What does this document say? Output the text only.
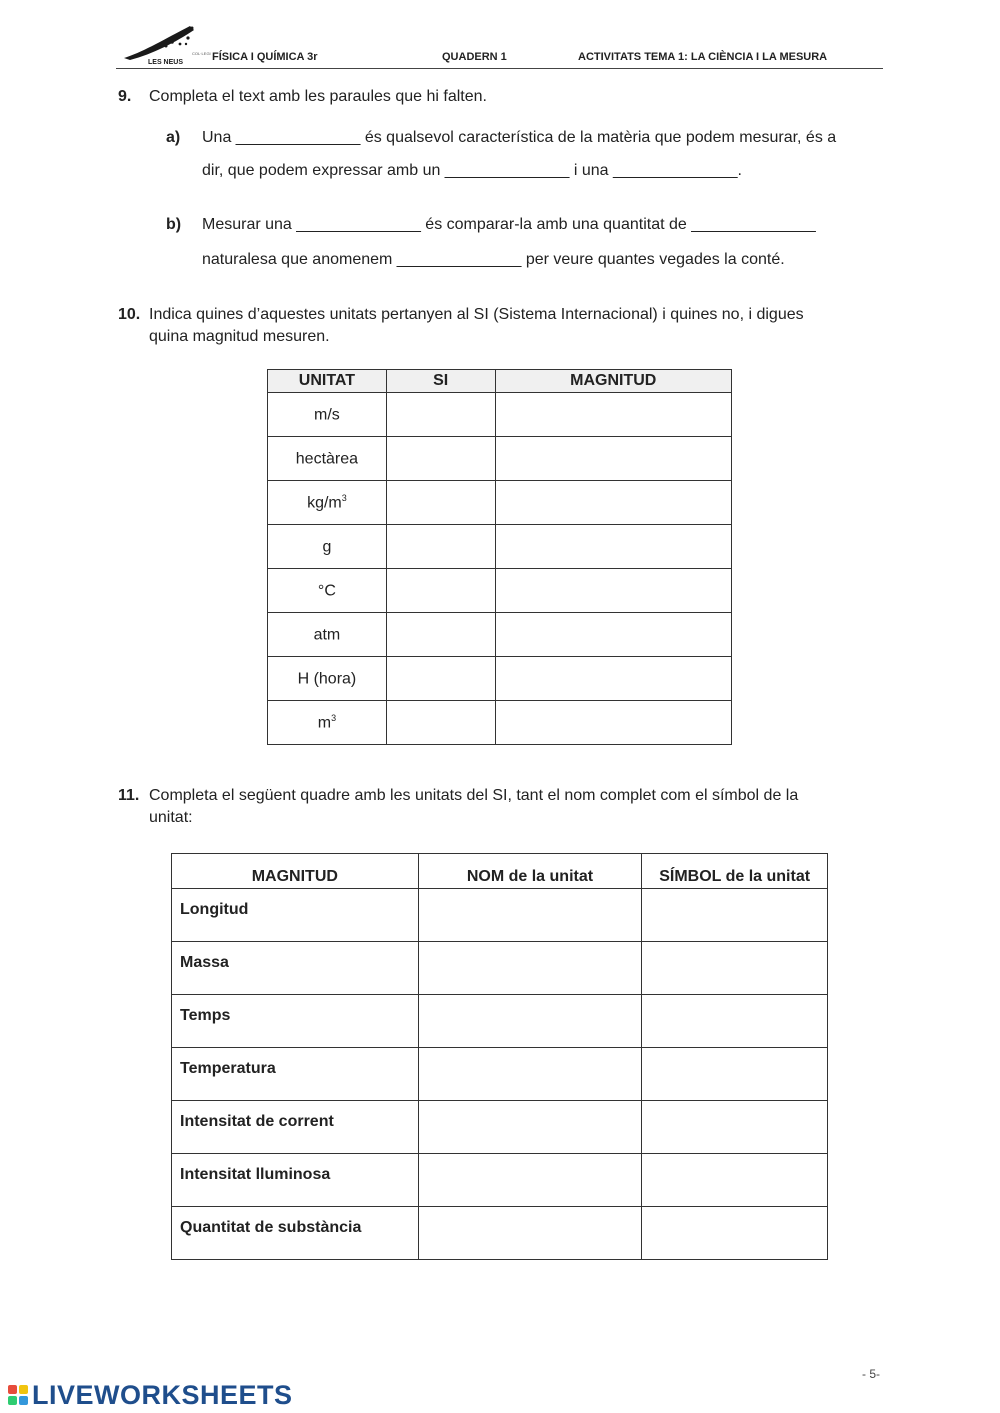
COL·LEGI
LES NEUS	FÍSICA I QUÍMICA 3r	QUADERN 1	ACTIVITATS TEMA 1: LA CIÈNCIA I LA MESURA
9. Completa el text amb les paraules que hi falten.
a) Una ______________ és qualsevol característica de la matèria que podem mesurar, és a
dir, que podem expressar amb un ______________ i una ______________.
b) Mesurar una ______________ és comparar-la amb una quantitat de ______________
naturalesa que anomenem ______________ per veure quantes vegades la conté.
10. Indica quines d’aquestes unitats pertanyen al SI (Sistema Internacional) i quines no, i digues
quina magnitud mesuren.
UNITAT	SI	MAGNITUD
m/s		
hectàrea		
$kg/m^3$		
g		
°C		
atm		
H (hora)		
$m^3$		
11. Completa el següent quadre amb les unitats del SI, tant el nom complet com el símbol de la
unitat:
MAGNITUD	NOM de la unitat	SÍMBOL de la unitat
Longitud		
Massa		
Temps		
Temperatura		
Intensitat de corrent		
Intensitat lluminosa		
Quantitat de substància		
- 5-
LIVEWORKSHEETS
